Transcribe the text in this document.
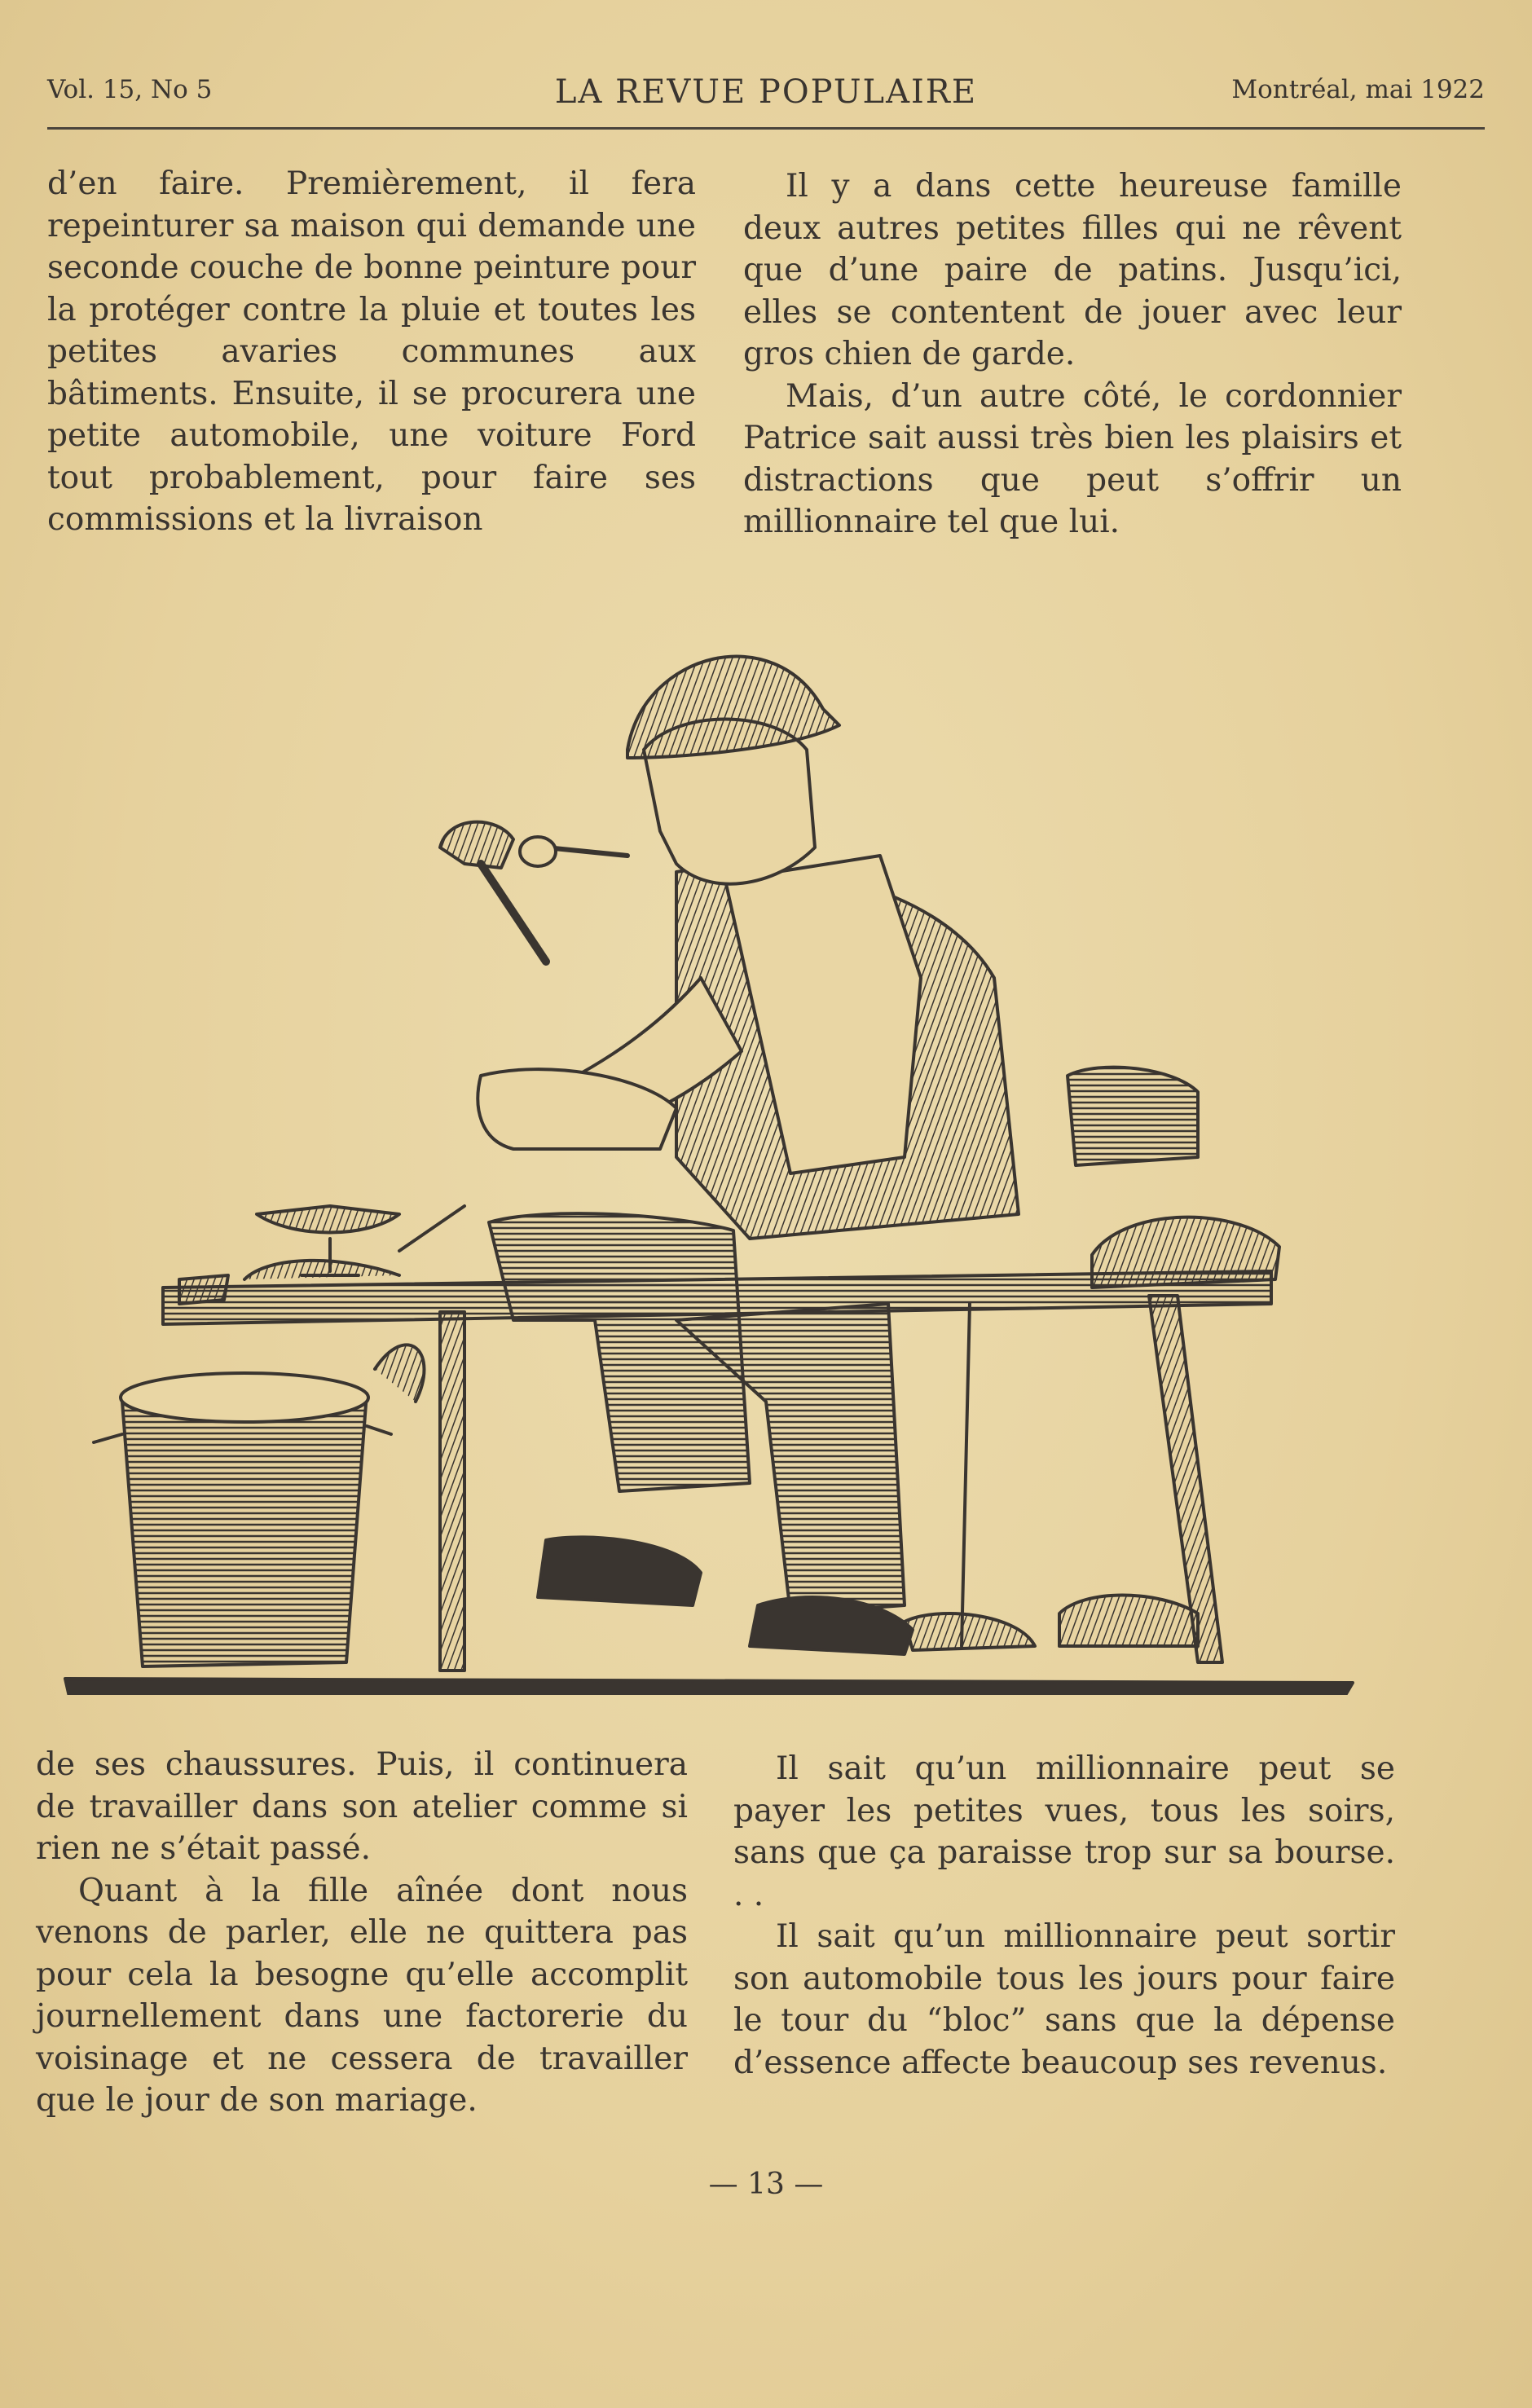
Vol. 15, No 5	LA REVUE POPULAIRE	Montréal, mai 1922

d’en faire. Premièrement, il fera repeinturer sa maison qui demande une seconde couche de bonne peinture pour la protéger contre la pluie et toutes les petites avaries communes aux bâtiments. Ensuite, il se procurera une petite automobile, une voiture Ford tout probablement, pour faire ses commissions et la livraison

Il y a dans cette heureuse famille deux autres petites filles qui ne rêvent que d’une paire de patins. Jusqu’ici, elles se contentent de jouer avec leur gros chien de garde.

Mais, d’un autre côté, le cordonnier Patrice sait aussi très bien les plaisirs et distractions que peut s’offrir un millionnaire tel que lui.

de ses chaussures. Puis, il continuera de travailler dans son atelier comme si rien ne s’était passé.

Quant à la fille aînée dont nous venons de parler, elle ne quittera pas pour cela la besogne qu’elle accomplit journellement dans une factorerie du voisinage et ne cessera de travailler que le jour de son mariage.

Il sait qu’un millionnaire peut se payer les petites vues, tous les soirs, sans que ça paraisse trop sur sa bourse. . .

Il sait qu’un millionnaire peut sortir son automobile tous les jours pour faire le tour du “bloc” sans que la dépense d’essence affecte beaucoup ses revenus.

— 13 —
